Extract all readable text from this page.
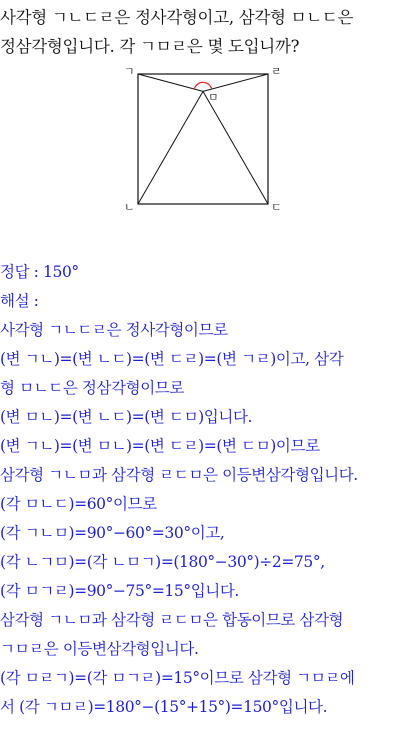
사각형 ㄱㄴㄷㄹ은 정사각형이고, 삼각형 ㅁㄴㄷ은
정삼각형입니다. 각 ㄱㅁㄹ은 몇 도입니까?
ㄱ	ㄹ
ㄴ	ㄷ
ㅁ
정답 : 150°
해설 :
사각형 ㄱㄴㄷㄹ은 정사각형이므로
(변 ㄱㄴ)=(변 ㄴㄷ)=(변 ㄷㄹ)=(변 ㄱㄹ)이고, 삼각
형 ㅁㄴㄷ은 정삼각형이므로
(변 ㅁㄴ)=(변 ㄴㄷ)=(변 ㄷㅁ)입니다.
(변 ㄱㄴ)=(변 ㅁㄴ)=(변 ㄷㄹ)=(변 ㄷㅁ)이므로
삼각형 ㄱㄴㅁ과 삼각형 ㄹㄷㅁ은 이등변삼각형입니다.
(각 ㅁㄴㄷ)=60°이므로
(각 ㄱㄴㅁ)=90°−60°=30°이고,
(각 ㄴㄱㅁ)=(각 ㄴㅁㄱ)=(180°−30°)÷2=75°,
(각 ㅁㄱㄹ)=90°−75°=15°입니다.
삼각형 ㄱㄴㅁ과 삼각형 ㄹㄷㅁ은 합동이므로 삼각형
ㄱㅁㄹ은 이등변삼각형입니다.
(각 ㅁㄹㄱ)=(각 ㅁㄱㄹ)=15°이므로 삼각형 ㄱㅁㄹ에
서 (각 ㄱㅁㄹ)=180°−(15°+15°)=150°입니다.
